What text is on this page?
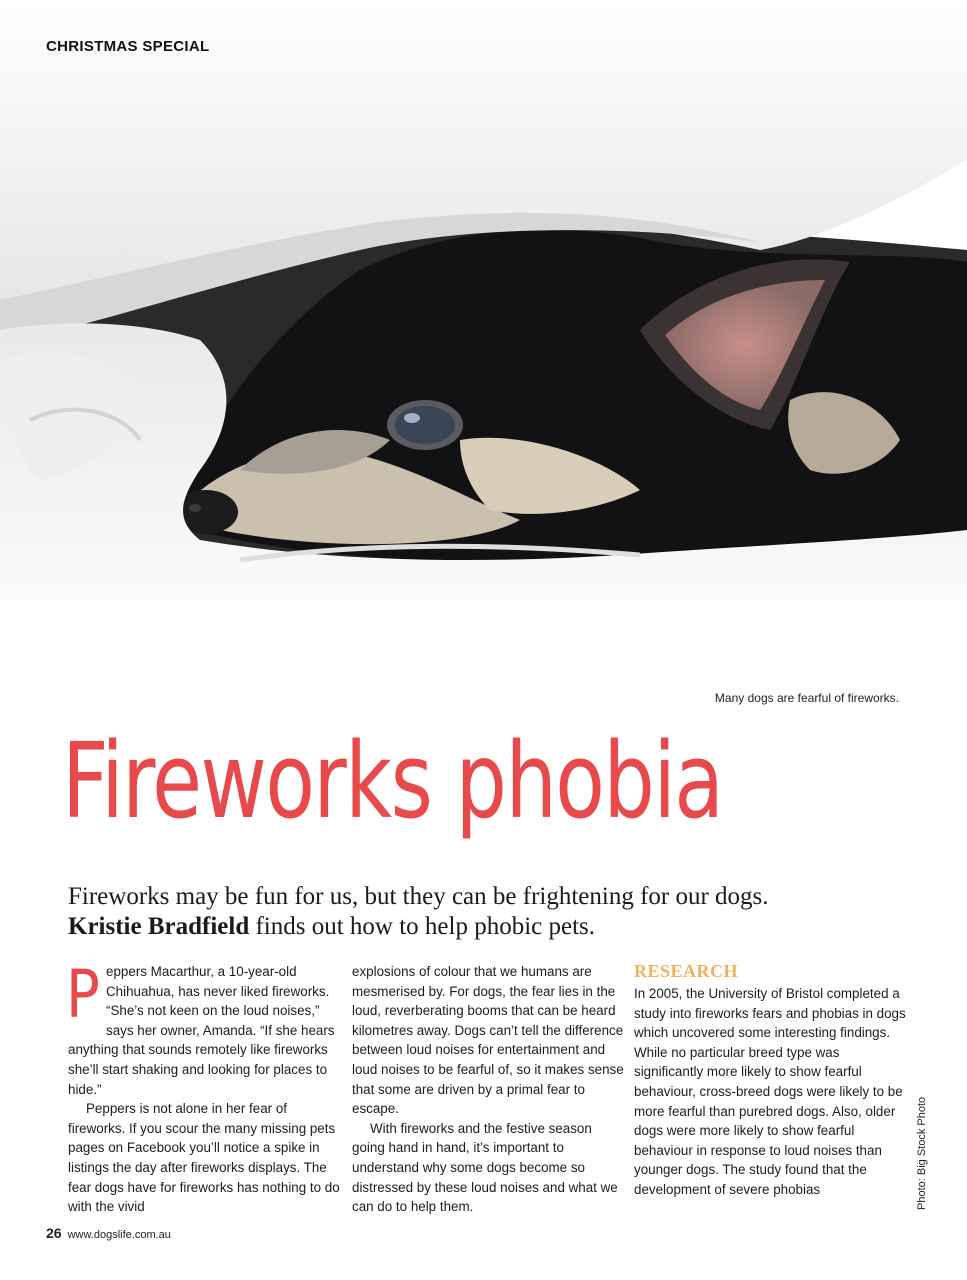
CHRISTMAS SPECIAL
Many dogs are fearful of fireworks.
Fireworks phobia

Fireworks may be fun for us, but they can be frightening for our dogs.
Kristie Bradfield finds out how to help phobic pets.

Peppers Macarthur, a 10-year-old Chihuahua, has never liked fireworks. “She’s not keen on the loud noises,” says her owner, Amanda. “If she hears anything that sounds remotely like fireworks she’ll start shaking and looking for places to hide.”

Peppers is not alone in her fear of fireworks. If you scour the many missing pets pages on Facebook you’ll notice a spike in listings the day after fireworks displays. The fear dogs have for fireworks has nothing to do with the vivid

explosions of colour that we humans are mesmerised by. For dogs, the fear lies in the loud, reverberating booms that can be heard kilometres away. Dogs can’t tell the difference between loud noises for entertainment and loud noises to be fearful of, so it makes sense that some are driven by a primal fear to escape.

With fireworks and the festive season going hand in hand, it’s important to understand why some dogs become so distressed by these loud noises and what we can do to help them.

RESEARCH

In 2005, the University of Bristol completed a study into fireworks fears and phobias in dogs which uncovered some interesting findings. While no particular breed type was significantly more likely to show fearful behaviour, cross-breed dogs were likely to be more fearful than purebred dogs. Also, older dogs were more likely to show fearful behaviour in response to loud noises than younger dogs. The study found that the development of severe phobias	Photo: Big Stock Photo
26 www.dogslife.com.au
